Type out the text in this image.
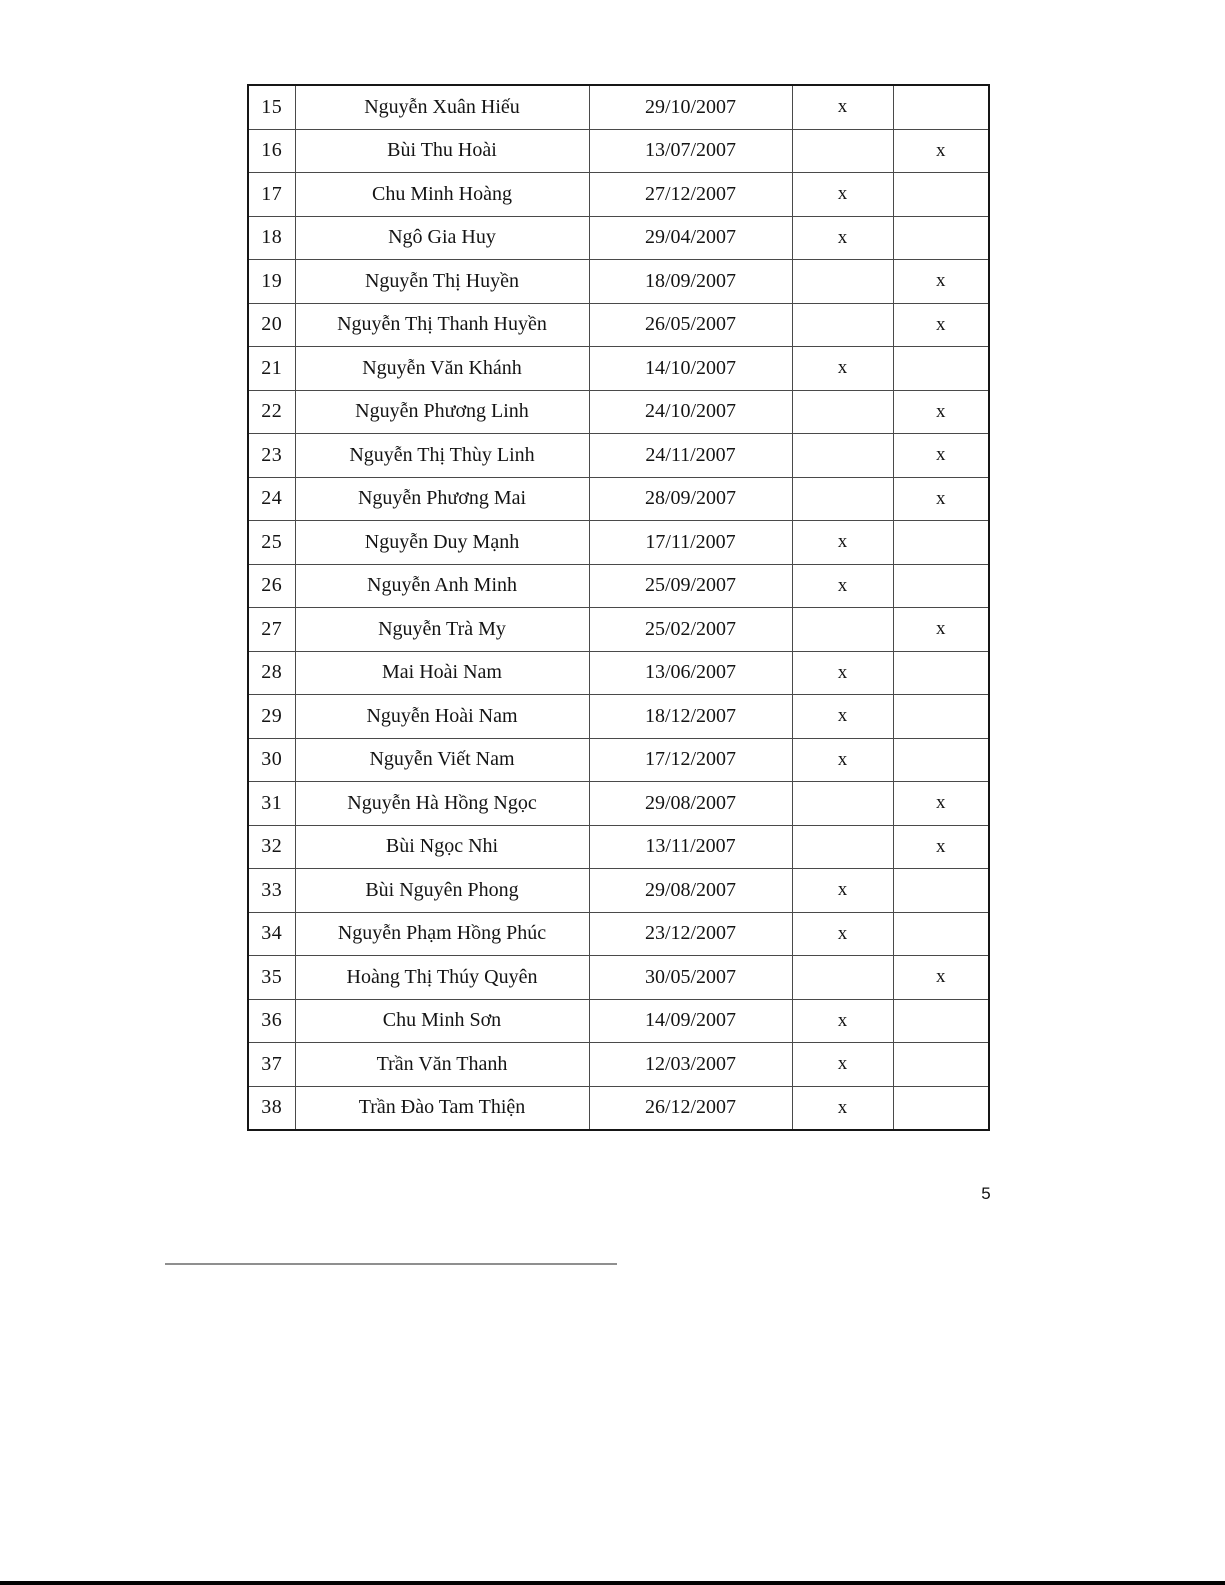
15	Nguyễn Xuân Hiếu	29/10/2007	x	
16	Bùi Thu Hoài	13/07/2007		x
17	Chu Minh Hoàng	27/12/2007	x	
18	Ngô Gia Huy	29/04/2007	x	
19	Nguyễn Thị Huyền	18/09/2007		x
20	Nguyễn Thị Thanh Huyền	26/05/2007		x
21	Nguyễn Văn Khánh	14/10/2007	x	
22	Nguyễn Phương Linh	24/10/2007		x
23	Nguyễn Thị Thùy Linh	24/11/2007		x
24	Nguyễn Phương Mai	28/09/2007		x
25	Nguyễn Duy Mạnh	17/11/2007	x	
26	Nguyễn Anh Minh	25/09/2007	x	
27	Nguyễn Trà My	25/02/2007		x
28	Mai Hoài Nam	13/06/2007	x	
29	Nguyễn Hoài Nam	18/12/2007	x	
30	Nguyễn Viết Nam	17/12/2007	x	
31	Nguyễn Hà Hồng Ngọc	29/08/2007		x
32	Bùi Ngọc Nhi	13/11/2007		x
33	Bùi Nguyên Phong	29/08/2007	x	
34	Nguyễn Phạm Hồng Phúc	23/12/2007	x	
35	Hoàng Thị Thúy Quyên	30/05/2007		x
36	Chu Minh Sơn	14/09/2007	x	
37	Trần Văn Thanh	12/03/2007	x	
38	Trần Đào Tam Thiện	26/12/2007	x	
5
